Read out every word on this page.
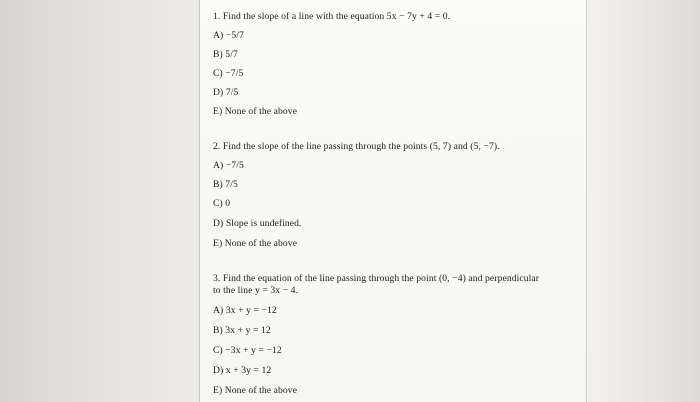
1. Find the slope of a line with the equation 5x − 7y + 4 = 0.
A) −5/7
B) 5/7
C) −7/5
D) 7/5
E) None of the above
2. Find the slope of the line passing through the points (5, 7) and (5, −7).
A) −7/5
B) 7/5
C) 0
D) Slope is undefined.
E) None of the above
3. Find the equation of the line passing through the point (0, −4) and perpendicular
to the line y = 3x − 4.
A) 3x + y = −12
B) 3x + y = 12
C) −3x + y = −12
D) x + 3y = 12
E) None of the above
